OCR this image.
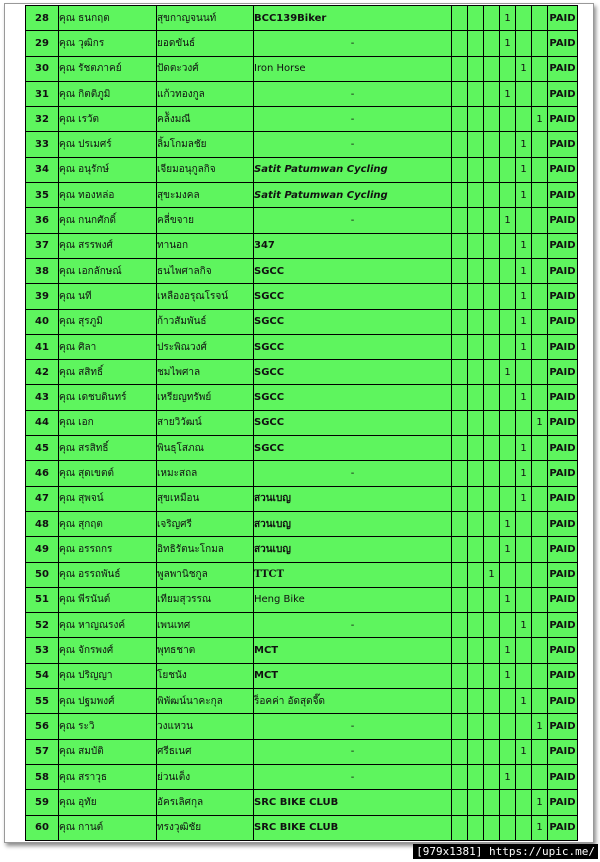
28	คุณ ธนกฤต	สุขกาญจนนท์	BCC139Biker				1			PAID
29	คุณ วุฒิกร	ยอดขันธ์	-				1			PAID
30	คุณ รัชตภาคย์	ปัดตะวงศ์	Iron Horse					1		PAID
31	คุณ กิตติภูมิ	แก้วทองกูล	-				1			PAID
32	คุณ เรวัต	คล้ังมณี	-						1	PAID
33	คุณ ปรเมศร์	ลิ้มโกมลชัย	-					1		PAID
34	คุณ อนุรักษ์	เจียมอนุกูลกิจ	Satit Patumwan Cycling					1		PAID
35	คุณ ทองหล่อ	สุขะมงคล	Satit Patumwan Cycling					1		PAID
36	คุณ กนกศักดิ์	คลี่ขจาย	-				1			PAID
37	คุณ สรรพงศ์	ทานอก	347					1		PAID
38	คุณ เอกลักษณ์	ธนไพศาลกิจ	SGCC					1		PAID
39	คุณ นที	เหลืองอรุณโรจน์	SGCC					1		PAID
40	คุณ สุรภูมิ	ก้าวสัมพันธ์	SGCC					1		PAID
41	คุณ ศิลา	ประพิณวงศ์	SGCC					1		PAID
42	คุณ สสิทธิ์	ชมไพศาล	SGCC				1			PAID
43	คุณ เดชบดินทร์	เหรียญทรัพย์	SGCC					1		PAID
44	คุณ เอก	สายวิวัฒน์	SGCC						1	PAID
45	คุณ สรสิทธิ์	พินธุโสภณ	SGCC					1		PAID
46	คุณ สุดเขตต์	เหมะสถล	-					1		PAID
47	คุณ สุพจน์	สุขเหมือน	สวนเบญ					1		PAID
48	คุณ สุกฤต	เจริญศรี	สวนเบญ				1			PAID
49	คุณ อรรถกร	อิทธิรัตนะโกมล	สวนเบญ				1			PAID
50	คุณ อรรถพันธ์	พูลพานิชกูล	TTCT			1				PAID
51	คุณ พีรนันต์	เทียมสุวรรณ	Heng Bike				1			PAID
52	คุณ หาญณรงค์	เพนเทศ	-					1		PAID
53	คุณ จักรพงศ์	พุทธชาต	MCT				1			PAID
54	คุณ ปริญญา	โยชนัง	MCT				1			PAID
55	คุณ ปฐมพงศ์	พิพัฒน์นาคะกุล	ร็อคค่า อัดสุดจี๊ด					1		PAID
56	คุณ ระวิ	วงแหวน	-						1	PAID
57	คุณ สมบัติ	ศรีธเนศ	-					1		PAID
58	คุณ สราวุธ	ย่วนเต็ง	-				1			PAID
59	คุณ อุทัย	อัครเลิศกุล	SRC BIKE CLUB						1	PAID
60	คุณ กานต์	ทรงวุฒิชัย	SRC BIKE CLUB						1	PAID
[979x1381] https://upic.me/
